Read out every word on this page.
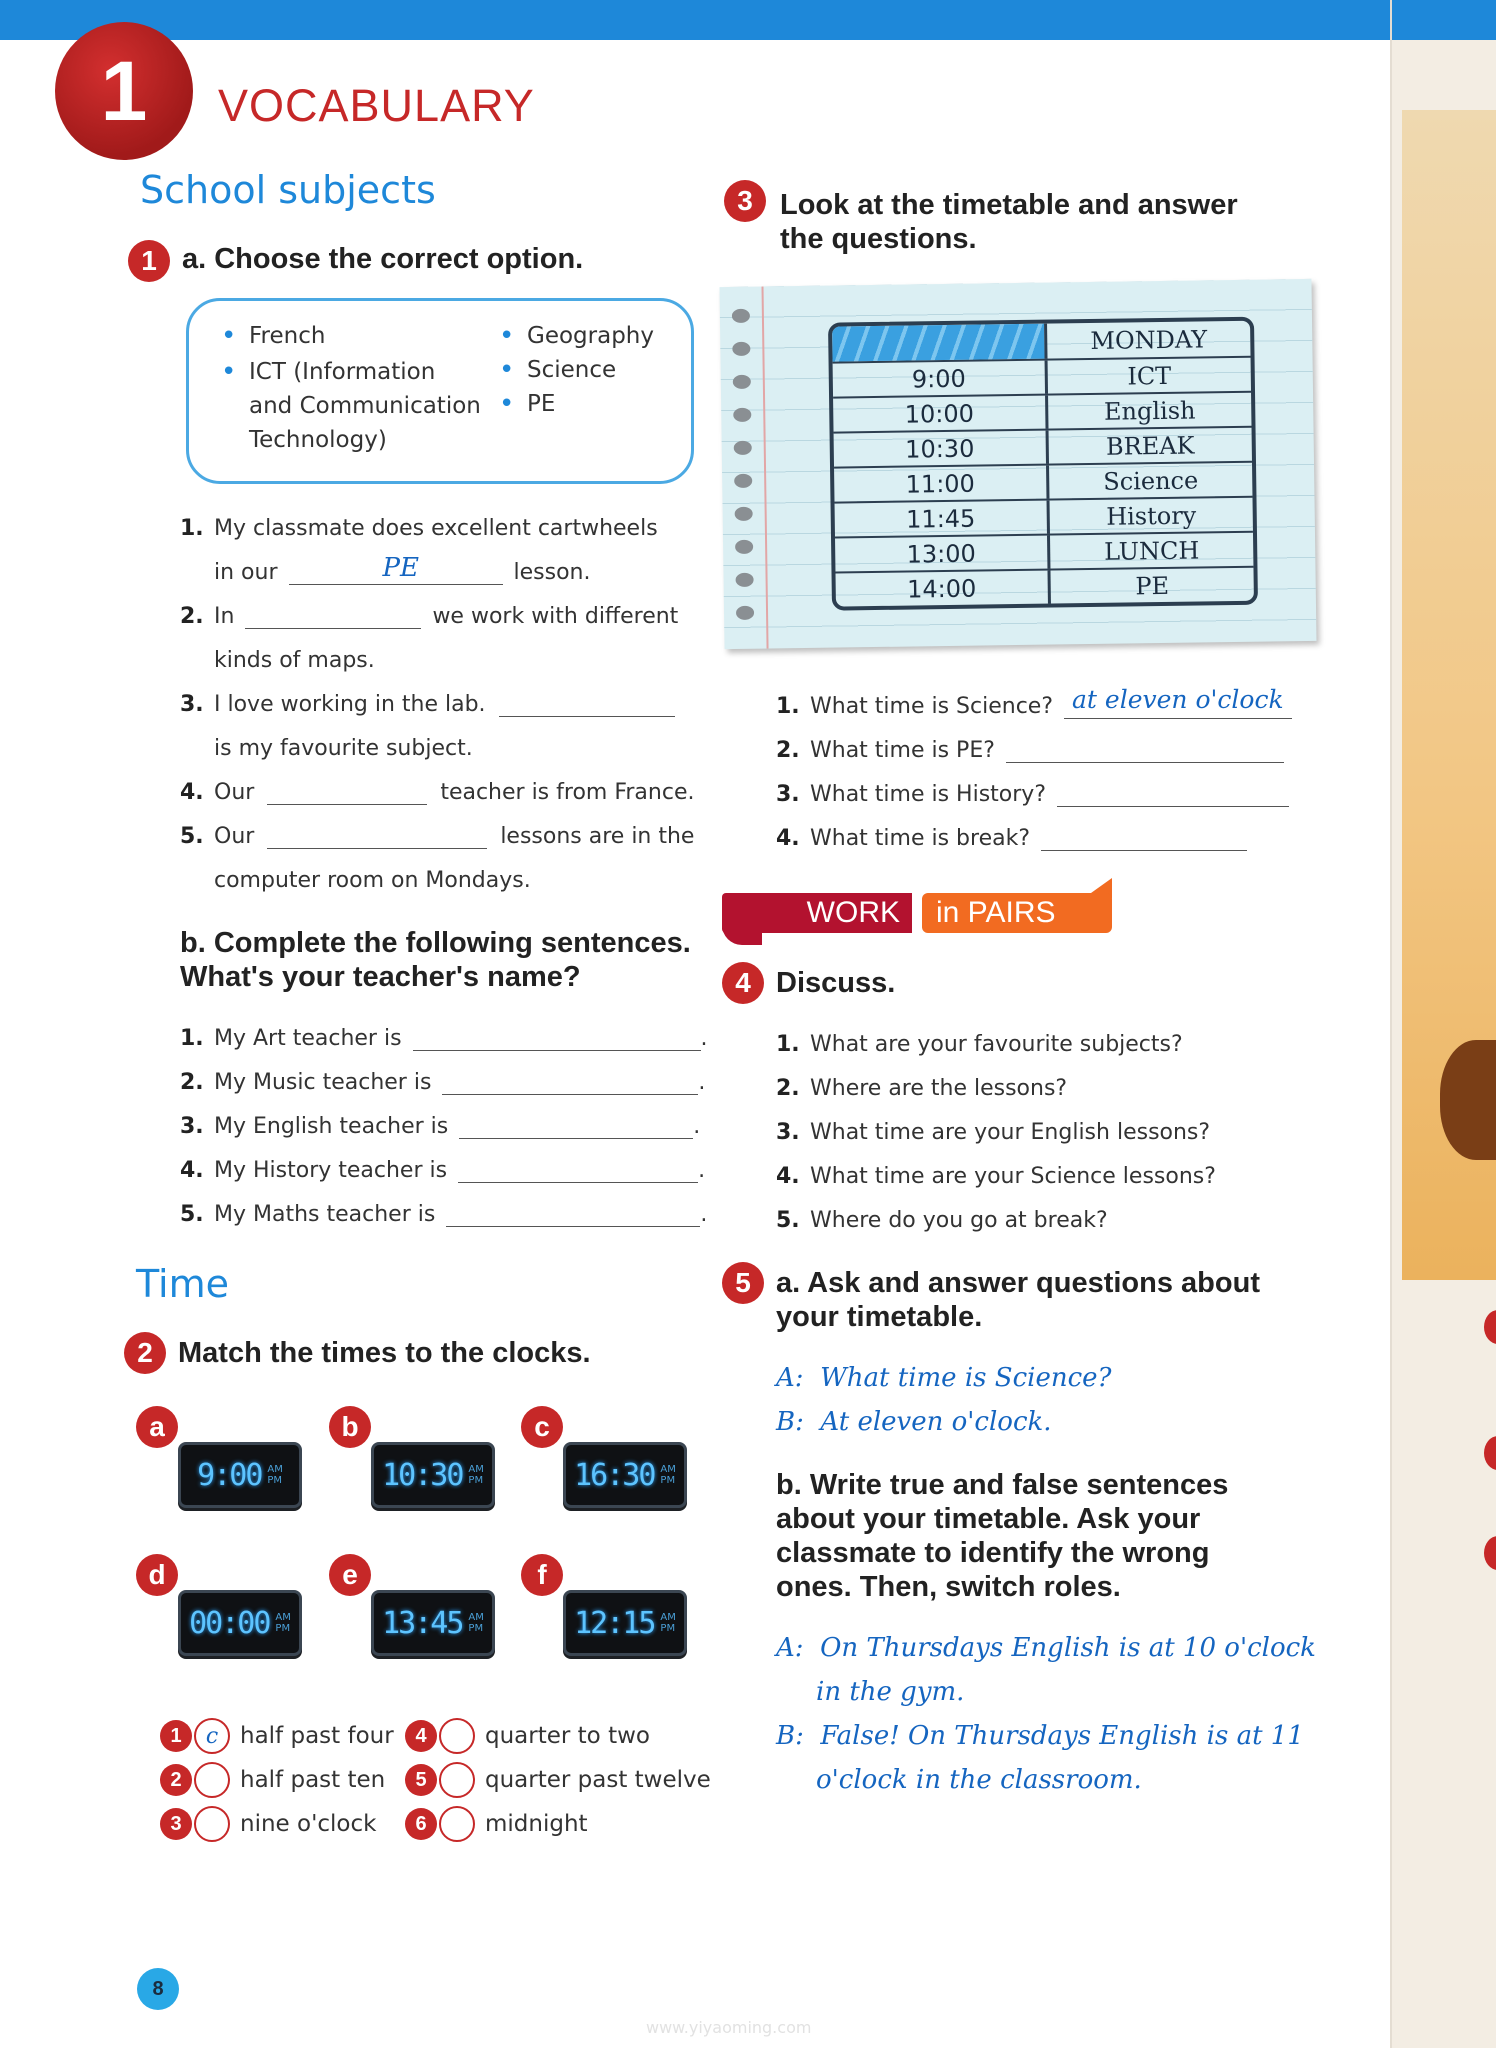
1	VOCABULARY
School subjects
1 a. Choose the correct option.
• French
• ICT (Information
and Communication
Technology)
• Geography
• Science
• PE
1. My classmate does excellent cartwheels
in our	PE	lesson.
2. In	we work with different
kinds of maps.
3. I love working in the lab.
is my favourite subject.
4. Our	teacher is from France.
5. Our	lessons are in the
computer room on Mondays.
b. Complete the following sentences.
What's your teacher's name?
1. My Art teacher is	.
2. My Music teacher is	.
3. My English teacher is	.
4. My History teacher is	.
5. My Maths teacher is	.
Time
2 Match the times to the clocks.
a
9:00 AM
PM
b
10:30 AM
PM
c
16:30 AM
PM
d
00:00 AM
PM
e
13:45 AM
PM
f
12:15 AM
PM
1	c half past four
2	half past ten
3	nine o'clock
4	quarter to two
5	quarter past twelve
6	midnight
3 Look at the timetable and answer
the questions.
MONDAY
9:00	ICT
10:00	English
10:30	BREAK
11:00	Science
11:45	History
13:00	LUNCH
14:00	PE
1. What time is Science? at eleven o'clock
2. What time is PE?
3. What time is History?
4. What time is break?
WORK	in PAIRS
4 Discuss.
1. What are your favourite subjects?
2. Where are the lessons?
3. What time are your English lessons?
4. What time are your Science lessons?
5. Where do you go at break?
5 a. Ask and answer questions about
your timetable.
A: What time is Science?
B: At eleven o'clock.
b. Write true and false sentences
about your timetable. Ask your
classmate to identify the wrong
ones. Then, switch roles.
A: On Thursdays English is at 10 o'clock
in the gym.
B: False! On Thursdays English is at 11
o'clock in the classroom.
8
www.yiyaoming.com
